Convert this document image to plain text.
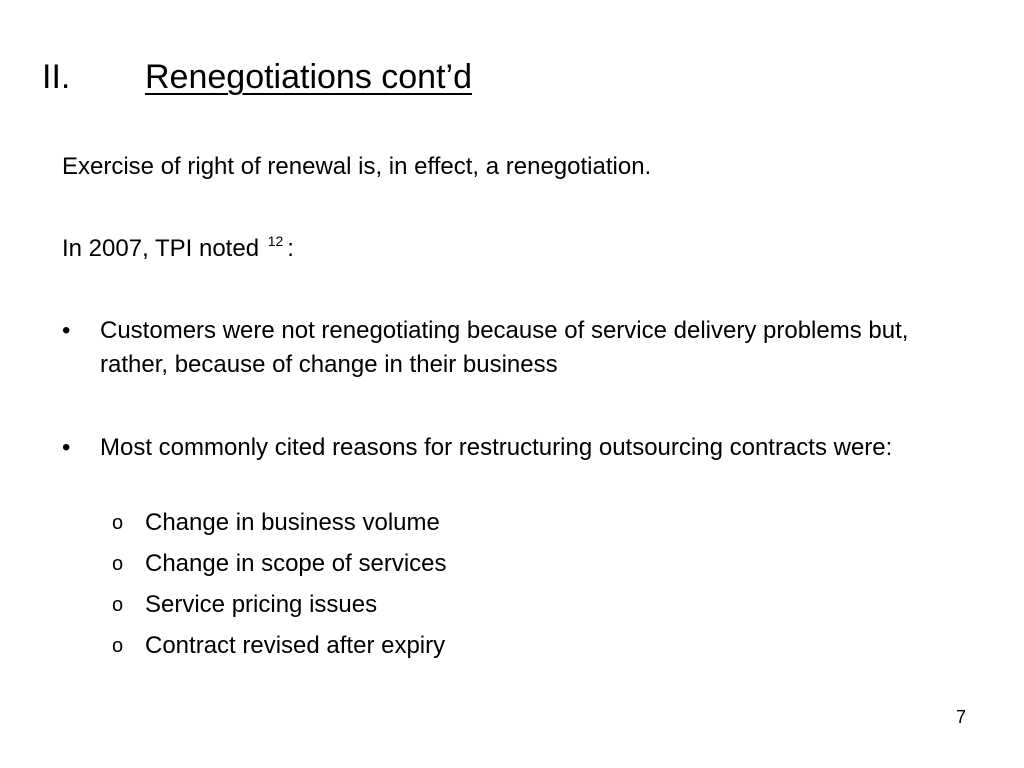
II. Renegotiations cont’d

Exercise of right of renewal is, in effect, a renegotiation.

In 2007, TPI noted $^{12}$ :

• Customers were not renegotiating because of service delivery problems but, rather, because of change in their business
• Most commonly cited reasons for restructuring outsourcing contracts were:
o Change in business volume
o Change in scope of services
o Service pricing issues
o Contract revised after expiry
7
